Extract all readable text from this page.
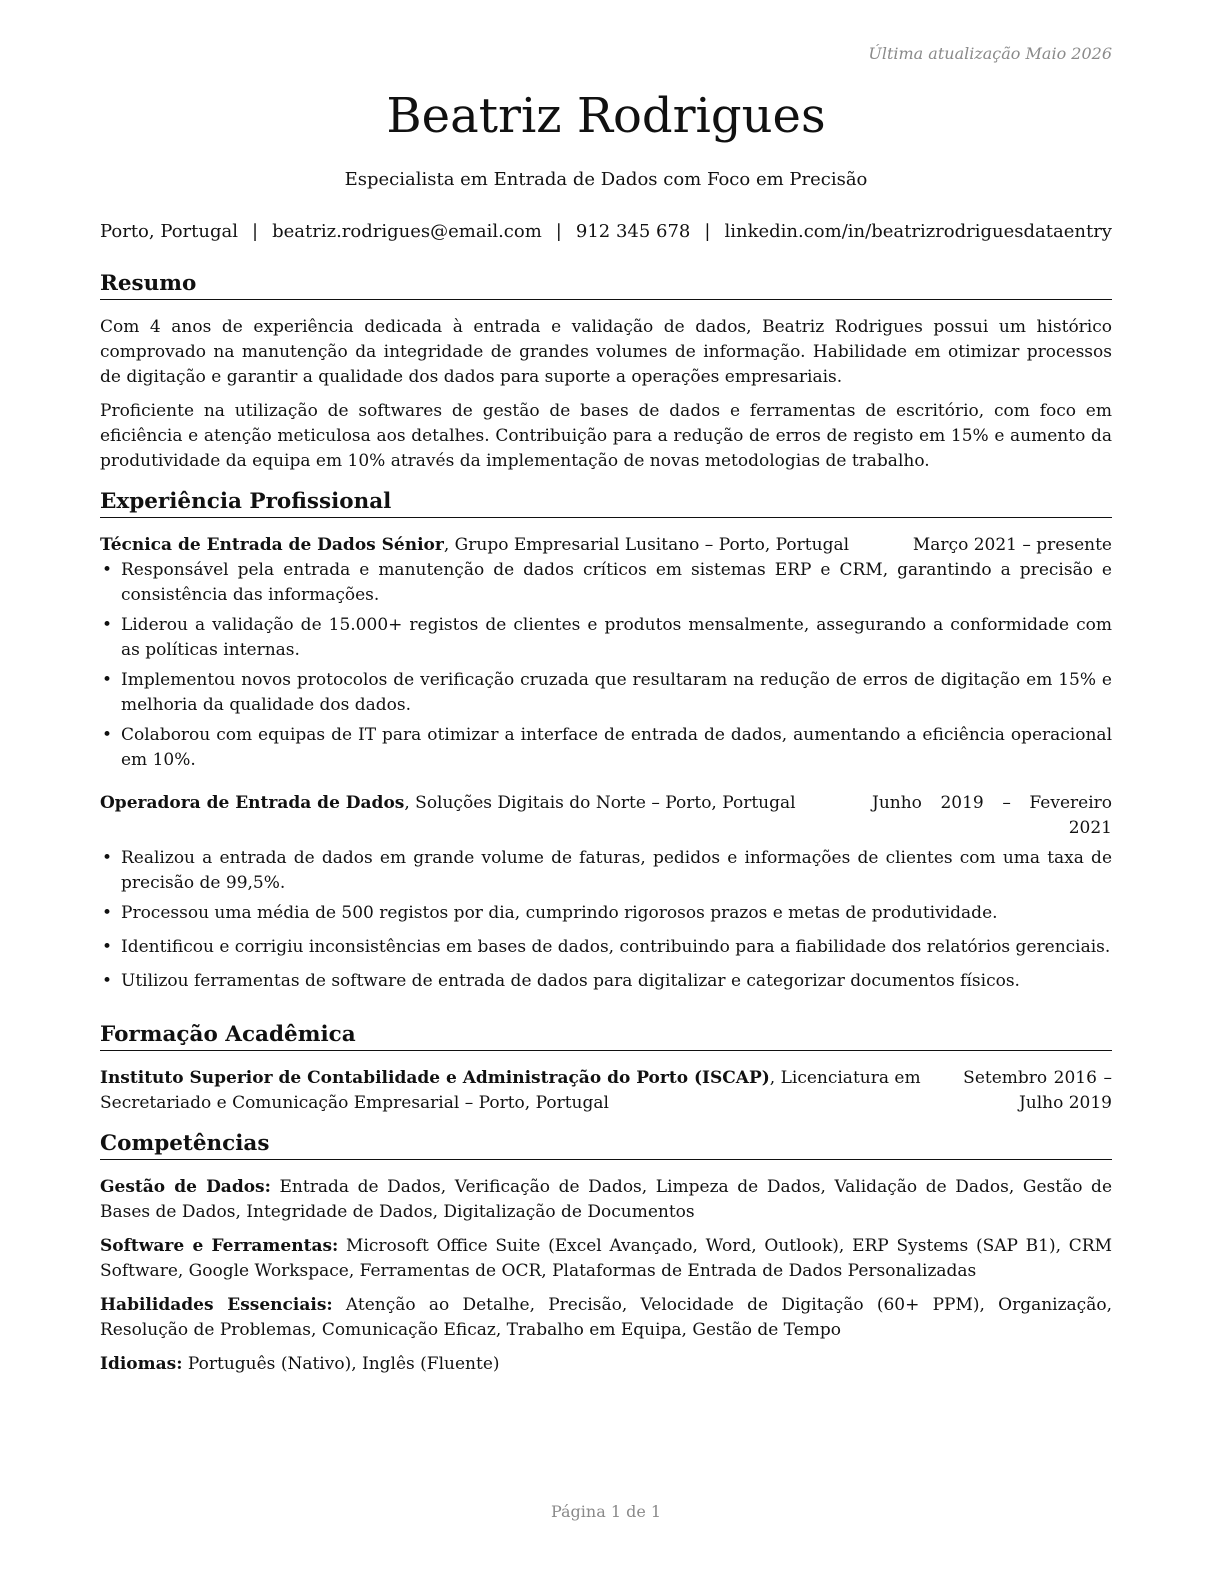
Última atualização Maio 2026
Beatriz Rodrigues
Especialista em Entrada de Dados com Foco em Precisão
Porto, Portugal | beatriz.rodrigues@email.com | 912 345 678 | linkedin.com/in/beatrizrodriguesdataentry
Resumo

Com 4 anos de experiência dedicada à entrada e validação de dados, Beatriz Rodrigues possui um histórico comprovado na manutenção da integridade de grandes volumes de informação. Habilidade em otimizar processos de digitação e garantir a qualidade dos dados para suporte a operações empresariais.

Proficiente na utilização de softwares de gestão de bases de dados e ferramentas de escritório, com foco em eficiência e atenção meticulosa aos detalhes. Contribuição para a redução de erros de registo em 15% e aumento da produtividade da equipa em 10% através da implementação de novas metodologias de trabalho.

Experiência Profissional
Técnica de Entrada de Dados Sénior, Grupo Empresarial Lusitano – Porto, Portugal	Março 2021 – presente
• Responsável pela entrada e manutenção de dados críticos em sistemas ERP e CRM, garantindo a precisão e consistência das informações.
• Liderou a validação de 15.000+ registos de clientes e produtos mensalmente, assegurando a conformidade com as políticas internas.
• Implementou novos protocolos de verificação cruzada que resultaram na redução de erros de digitação em 15% e melhoria da qualidade dos dados.
• Colaborou com equipas de IT para otimizar a interface de entrada de dados, aumentando a eficiência operacional em 10%.
Operadora de Entrada de Dados, Soluções Digitais do Norte – Porto, Portugal	Junho 2019 – Fevereiro 2021
• Realizou a entrada de dados em grande volume de faturas, pedidos e informações de clientes com uma taxa de precisão de 99,5%.
• Processou uma média de 500 registos por dia, cumprindo rigorosos prazos e metas de produtividade.
• Identificou e corrigiu inconsistências em bases de dados, contribuindo para a fiabilidade dos relatórios gerenciais.
• Utilizou ferramentas de software de entrada de dados para digitalizar e categorizar documentos físicos.
Formação Acadêmica
Instituto Superior de Contabilidade e Administração do Porto (ISCAP), Licenciatura em Secretariado e Comunicação Empresarial – Porto, Portugal
Setembro 2016 – Julho 2019
Competências

Gestão de Dados: Entrada de Dados, Verificação de Dados, Limpeza de Dados, Validação de Dados, Gestão de Bases de Dados, Integridade de Dados, Digitalização de Documentos

Software e Ferramentas: Microsoft Office Suite (Excel Avançado, Word, Outlook), ERP Systems (SAP B1), CRM Software, Google Workspace, Ferramentas de OCR, Plataformas de Entrada de Dados Personalizadas

Habilidades Essenciais: Atenção ao Detalhe, Precisão, Velocidade de Digitação (60+ PPM), Organização, Resolução de Problemas, Comunicação Eficaz, Trabalho em Equipa, Gestão de Tempo

Idiomas: Português (Nativo), Inglês (Fluente)

Página 1 de 1
